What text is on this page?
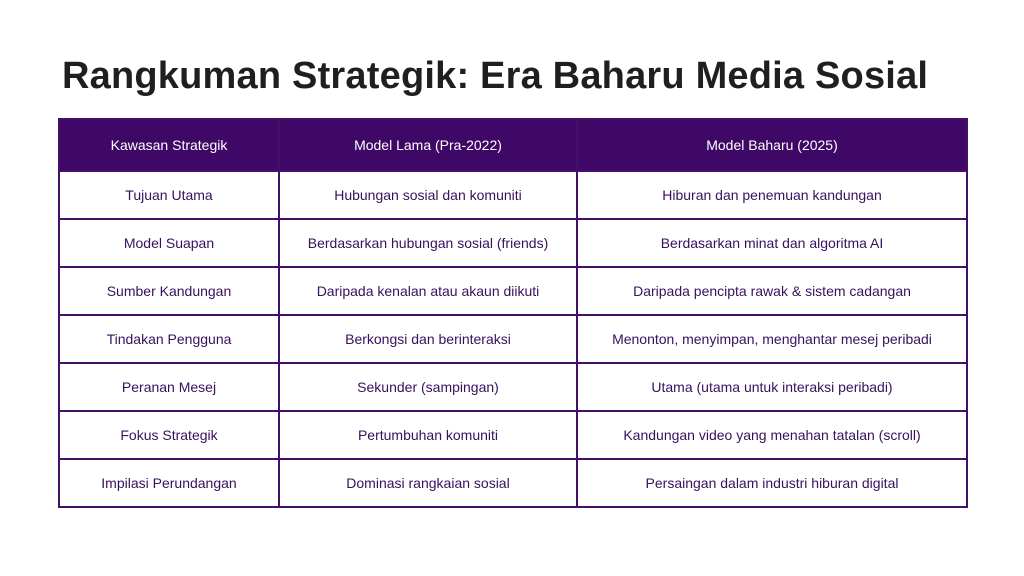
Rangkuman Strategik: Era Baharu Media Sosial
Kawasan Strategik	Model Lama (Pra-2022)	Model Baharu (2025)
Tujuan Utama	Hubungan sosial dan komuniti	Hiburan dan penemuan kandungan
Model Suapan	Berdasarkan hubungan sosial (friends)	Berdasarkan minat dan algoritma AI
Sumber Kandungan	Daripada kenalan atau akaun diikuti	Daripada pencipta rawak & sistem cadangan
Tindakan Pengguna	Berkongsi dan berinteraksi	Menonton, menyimpan, menghantar mesej peribadi
Peranan Mesej	Sekunder (sampingan)	Utama (utama untuk interaksi peribadi)
Fokus Strategik	Pertumbuhan komuniti	Kandungan video yang menahan tatalan (scroll)
Impilasi Perundangan	Dominasi rangkaian sosial	Persaingan dalam industri hiburan digital
